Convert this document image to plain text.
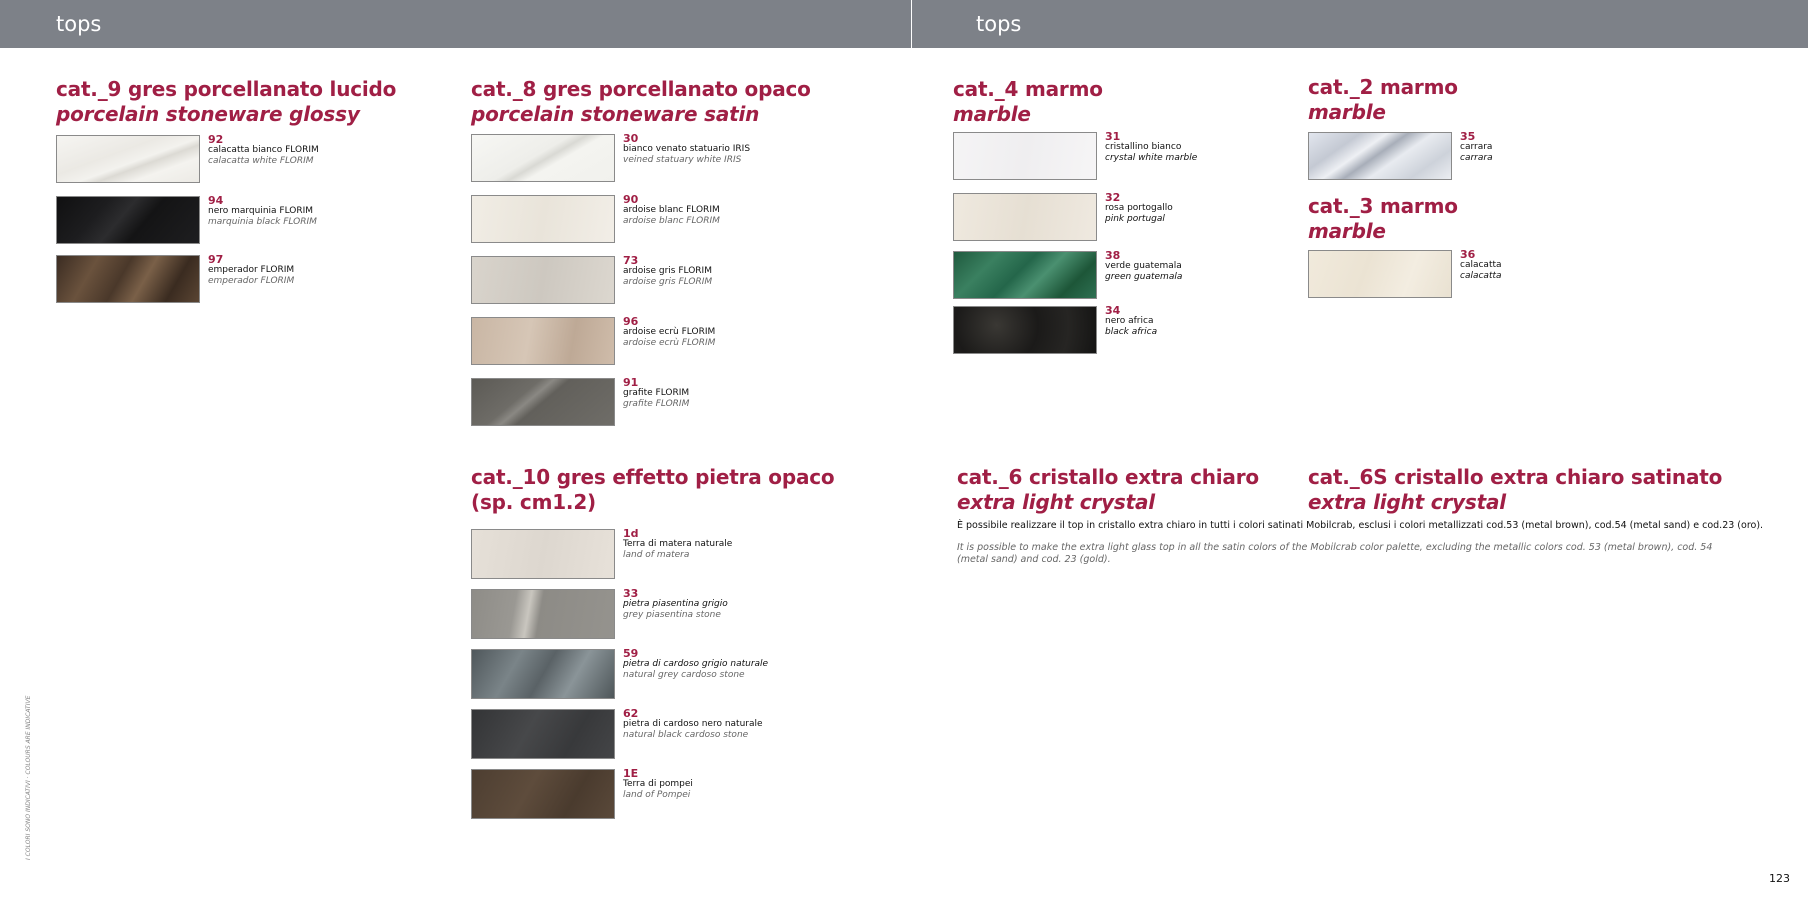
tops	tops
cat._9 gres porcellanato lucido
porcelain stoneware glossy
92
calacatta bianco FLORIM
calacatta white FLORIM
94
nero marquinia FLORIM
marquinia black FLORIM
97
emperador FLORIM
emperador FLORIM
cat._8 gres porcellanato opaco
porcelain stoneware satin
30
bianco venato statuario IRIS
veined statuary white IRIS
90
ardoise blanc FLORIM
ardoise blanc FLORIM
73
ardoise gris FLORIM
ardoise gris FLORIM
96
ardoise ecrù FLORIM
ardoise ecrù FLORIM
91
grafite FLORIM
grafite FLORIM
cat._10 gres effetto pietra opaco
(sp. cm1.2)
1d
Terra di matera naturale
land of matera
33
pietra piasentina grigio
grey piasentina stone
59
pietra di cardoso grigio naturale
natural grey cardoso stone
62
pietra di cardoso nero naturale
natural black cardoso stone
1E
Terra di pompei
land of Pompei
cat._4 marmo
marble
31
cristallino bianco
crystal white marble
32
rosa portogallo
pink portugal
38
verde guatemala
green guatemala
34
nero africa
black africa
cat._2 marmo
marble
35
carrara
carrara
cat._3 marmo
marble
36
calacatta
calacatta
cat._6 cristallo extra chiaro
extra light crystal
cat._6S cristallo extra chiaro satinato
extra light crystal
È possibile realizzare il top in cristallo extra chiaro in tutti i colori satinati Mobilcrab, esclusi i colori metallizzati cod.53 (metal brown), cod.54 (metal sand) e cod.23 (oro).
It is possible to make the extra light glass top in all the satin colors of the Mobilcrab color palette, excluding the metallic colors cod. 53 (metal brown), cod. 54 (metal sand) and cod. 23 (gold).
I COLORI SONO INDICATIVI · COLOURS ARE INDICATIVE
123
